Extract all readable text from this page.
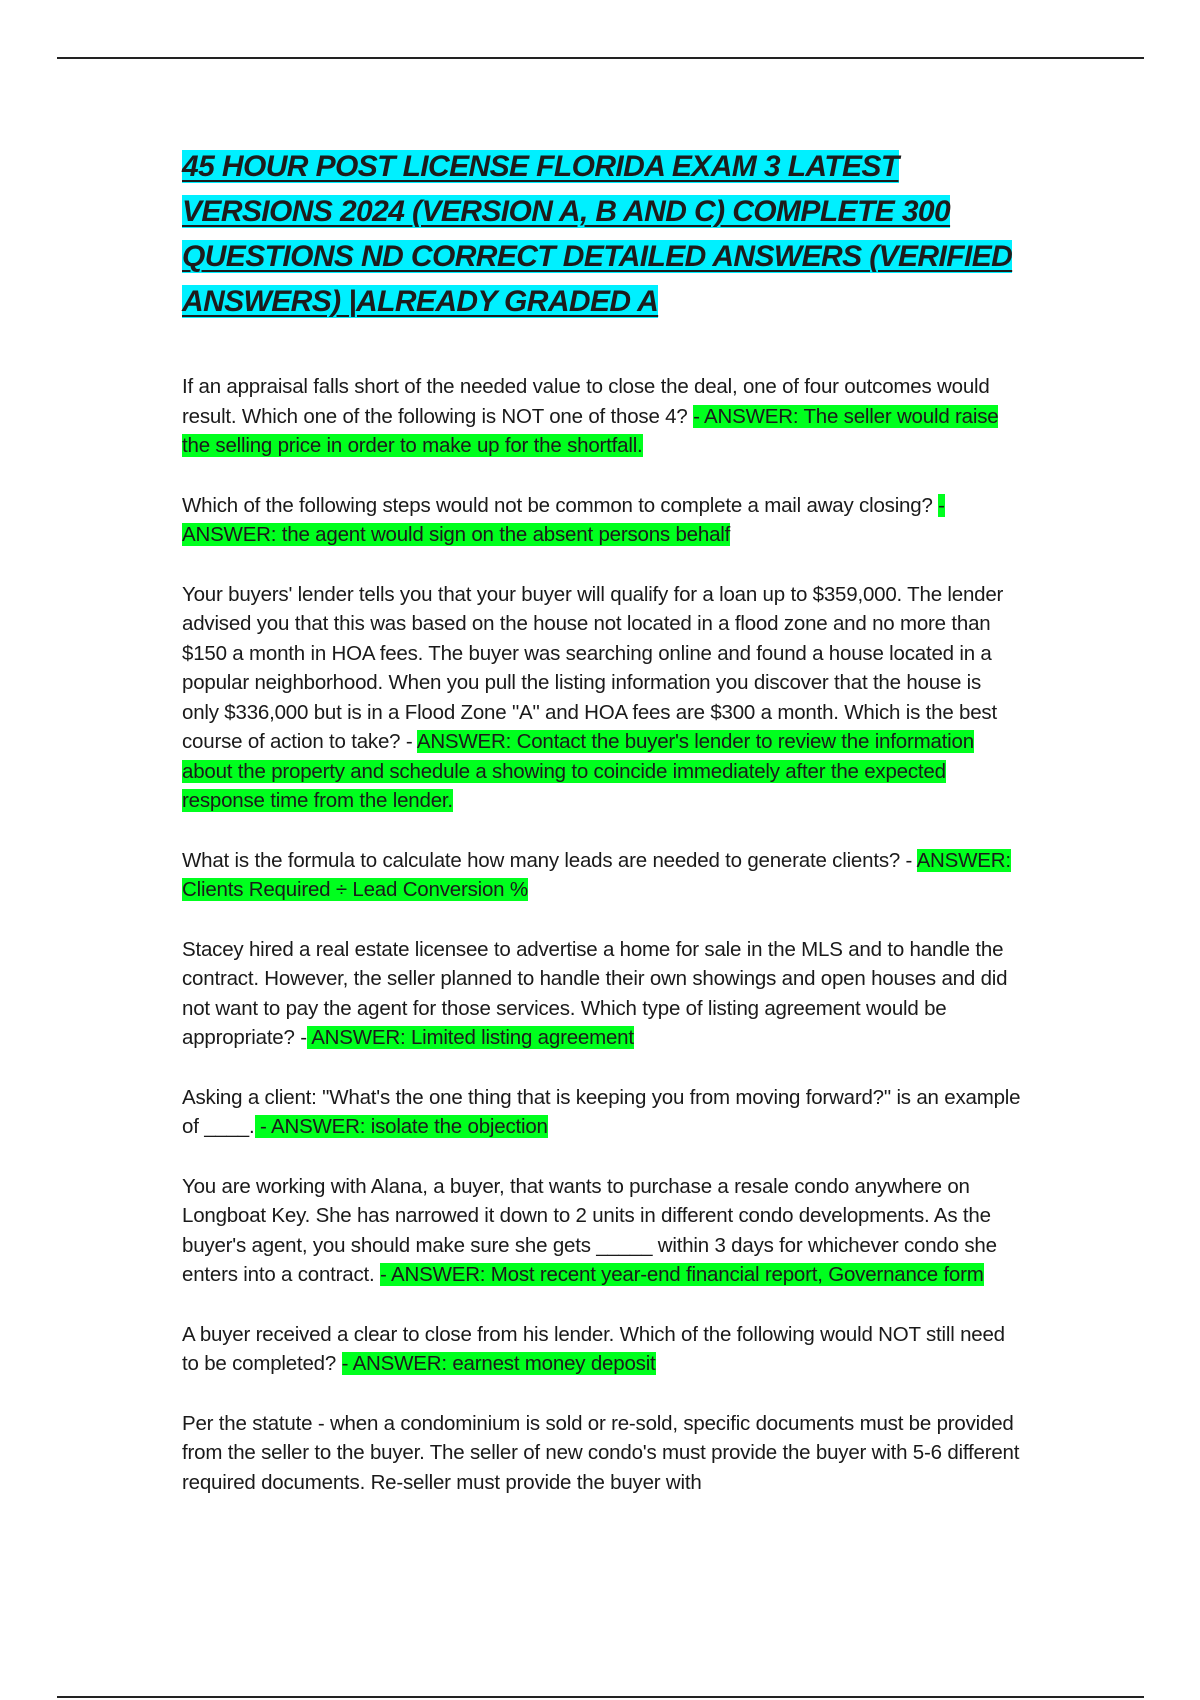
45 HOUR POST LICENSE FLORIDA EXAM 3 LATEST VERSIONS 2024 (VERSION A, B AND C) COMPLETE 300 QUESTIONS ND CORRECT DETAILED ANSWERS (VERIFIED ANSWERS) |ALREADY GRADED A

If an appraisal falls short of the needed value to close the deal, one of four outcomes would result. Which one of the following is NOT one of those 4? - ANSWER: The seller would raise the selling price in order to make up for the shortfall.

Which of the following steps would not be common to complete a mail away closing? - ANSWER: the agent would sign on the absent persons behalf

Your buyers' lender tells you that your buyer will qualify for a loan up to $359,000. The lender advised you that this was based on the house not located in a flood zone and no more than $150 a month in HOA fees. The buyer was searching online and found a house located in a popular neighborhood. When you pull the listing information you discover that the house is only $336,000 but is in a Flood Zone "A" and HOA fees are $300 a month. Which is the best course of action to take? - ANSWER: Contact the buyer's lender to review the information about the property and schedule a showing to coincide immediately after the expected response time from the lender.

What is the formula to calculate how many leads are needed to generate clients? - ANSWER: Clients Required ÷ Lead Conversion %

Stacey hired a real estate licensee to advertise a home for sale in the MLS and to handle the contract. However, the seller planned to handle their own showings and open houses and did not want to pay the agent for those services. Which type of listing agreement would be appropriate? - ANSWER: Limited listing agreement

Asking a client: "What's the one thing that is keeping you from moving forward?" is an example of ____. - ANSWER: isolate the objection

You are working with Alana, a buyer, that wants to purchase a resale condo anywhere on Longboat Key. She has narrowed it down to 2 units in different condo developments. As the buyer's agent, you should make sure she gets _____ within 3 days for whichever condo she enters into a contract. - ANSWER: Most recent year-end financial report, Governance form

A buyer received a clear to close from his lender. Which of the following would NOT still need to be completed? - ANSWER: earnest money deposit

Per the statute - when a condominium is sold or re-sold, specific documents must be provided from the seller to the buyer. The seller of new condo's must provide the buyer with 5-6 different required documents. Re-seller must provide the buyer with
